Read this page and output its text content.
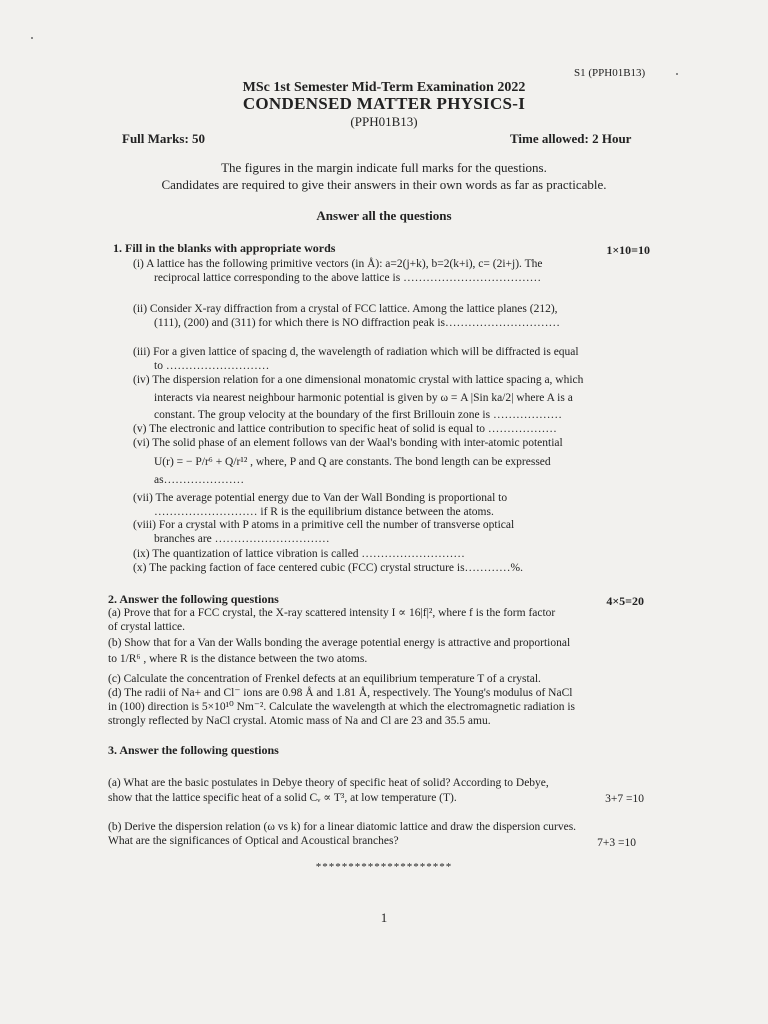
S1 (PPH01B13)
MSc 1st Semester Mid-Term Examination 2022
CONDENSED MATTER PHYSICS-I
(PPH01B13)
Full Marks: 50	Time allowed: 2 Hour
The figures in the margin indicate full marks for the questions.
Candidates are required to give their answers in their own words as far as practicable.
Answer all the questions
1. Fill in the blanks with appropriate words	1×10=10
(i) A lattice has the following primitive vectors (in Å): a=2(j+k), b=2(k+i), c= (2i+j). The
reciprocal lattice corresponding to the above lattice is ………………………………
(ii) Consider X-ray diffraction from a crystal of FCC lattice. Among the lattice planes (212),
(111), (200) and (311) for which there is NO diffraction peak is…………………………
(iii) For a given lattice of spacing d, the wavelength of radiation which will be diffracted is equal
to ………………………
(iv) The dispersion relation for a one dimensional monatomic crystal with lattice spacing a, which
interacts via nearest neighbour harmonic potential is given by ω = A |Sin ka/2| where A is a
constant. The group velocity at the boundary of the first Brillouin zone is ………………
(v) The electronic and lattice contribution to specific heat of solid is equal to ………………
(vi) The solid phase of an element follows van der Waal's bonding with inter-atomic potential
U(r) = − P/r⁶ + Q/r¹² , where, P and Q are constants. The bond length can be expressed
as…………………
(vii) The average potential energy due to Van der Wall Bonding is proportional to
……………………… if R is the equilibrium distance between the atoms.
(viii) For a crystal with P atoms in a primitive cell the number of transverse optical
branches are …………………………
(ix) The quantization of lattice vibration is called ………………………
(x) The packing faction of face centered cubic (FCC) crystal structure is…………%.
2. Answer the following questions	4×5=20
(a) Prove that for a FCC crystal, the X-ray scattered intensity I ∝ 16|f|², where f is the form factor
of crystal lattice.
(b) Show that for a Van der Walls bonding the average potential energy is attractive and proportional
to 1/R⁶ , where R is the distance between the two atoms.
(c) Calculate the concentration of Frenkel defects at an equilibrium temperature T of a crystal.
(d) The radii of Na+ and Cl⁻ ions are 0.98 Å and 1.81 Å, respectively. The Young's modulus of NaCl
in (100) direction is 5×10¹⁰ Nm⁻². Calculate the wavelength at which the electromagnetic radiation is
strongly reflected by NaCl crystal. Atomic mass of Na and Cl are 23 and 35.5 amu.
3. Answer the following questions
(a) What are the basic postulates in Debye theory of specific heat of solid? According to Debye,
show that the lattice specific heat of a solid Cᵥ ∝ T³, at low temperature (T).	3+7 =10
(b) Derive the dispersion relation (ω vs k) for a linear diatomic lattice and draw the dispersion curves.
What are the significances of Optical and Acoustical branches?	7+3 =10
*********************
1
